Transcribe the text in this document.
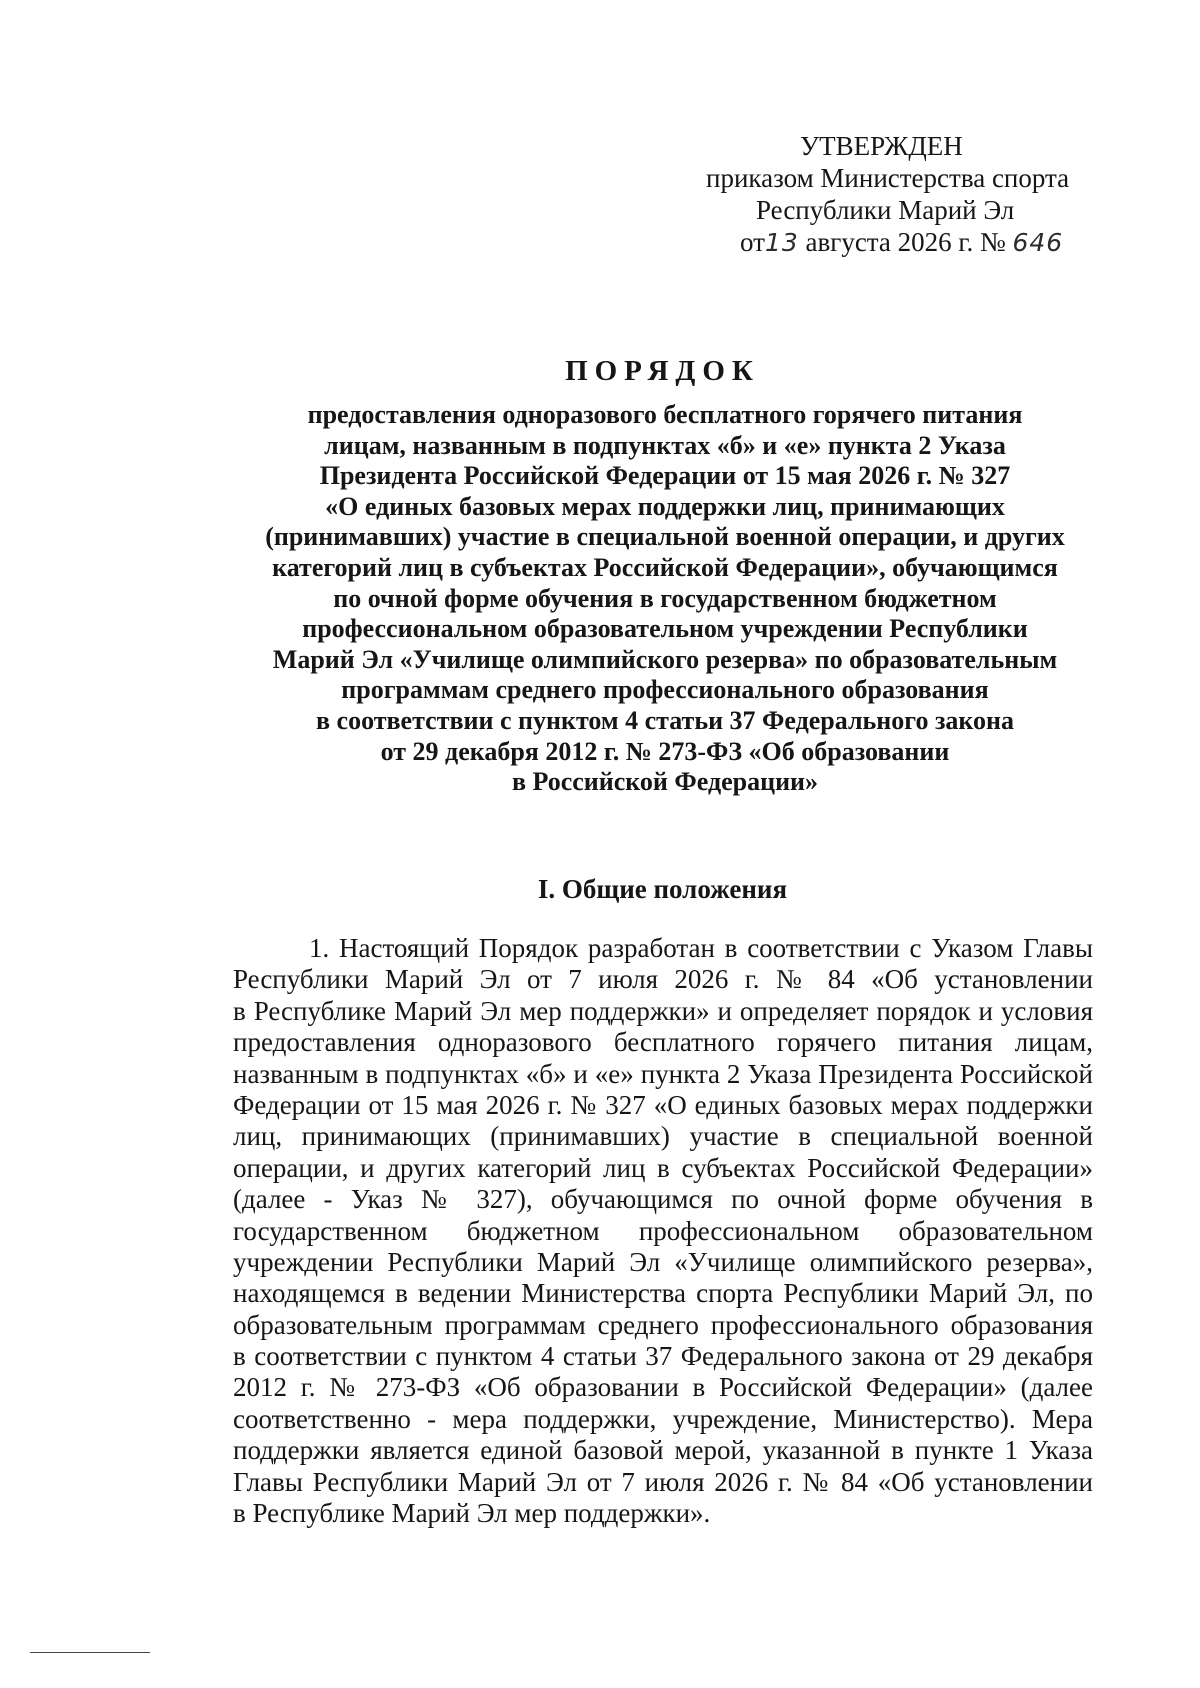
УТВЕРЖДЕН
приказом Министерства спорта
Республики Марий Эл
от13 августа 2026 г. № 646
ПОРЯДОК
предоставления одноразового бесплатного горячего питания
лицам, названным в подпунктах «б» и «е» пункта 2 Указа
Президента Российской Федерации от 15 мая 2026 г. № 327
«О единых базовых мерах поддержки лиц, принимающих
(принимавших) участие в специальной военной операции, и других
категорий лиц в субъектах Российской Федерации», обучающимся
по очной форме обучения в государственном бюджетном
профессиональном образовательном учреждении Республики
Марий Эл «Училище олимпийского резерва» по образовательным
программам среднего профессионального образования
в соответствии с пунктом 4 статьи 37 Федерального закона
от 29 декабря 2012 г. № 273-ФЗ «Об образовании
в Российской Федерации»
I. Общие положения
1. Настоящий Порядок разработан в соответствии с Указом Главы
Республики Марий Эл от 7 июля 2026 г. № 84 «Об установлении
в Республике Марий Эл мер поддержки» и определяет порядок и условия
предоставления одноразового бесплатного горячего питания лицам,
названным в подпунктах «б» и «е» пункта 2 Указа Президента Российской
Федерации от 15 мая 2026 г. № 327 «О единых базовых мерах поддержки
лиц, принимающих (принимавших) участие в специальной военной
операции, и других категорий лиц в субъектах Российской Федерации»
(далее - Указ № 327), обучающимся по очной форме обучения в
государственном бюджетном профессиональном образовательном
учреждении Республики Марий Эл «Училище олимпийского резерва»,
находящемся в ведении Министерства спорта Республики Марий Эл, по
образовательным программам среднего профессионального образования
в соответствии с пунктом 4 статьи 37 Федерального закона от 29 декабря
2012 г. № 273-ФЗ «Об образовании в Российской Федерации» (далее
соответственно - мера поддержки, учреждение, Министерство). Мера
поддержки является единой базовой мерой, указанной в пункте 1 Указа
Главы Республики Марий Эл от 7 июля 2026 г. № 84 «Об установлении
в Республике Марий Эл мер поддержки».
